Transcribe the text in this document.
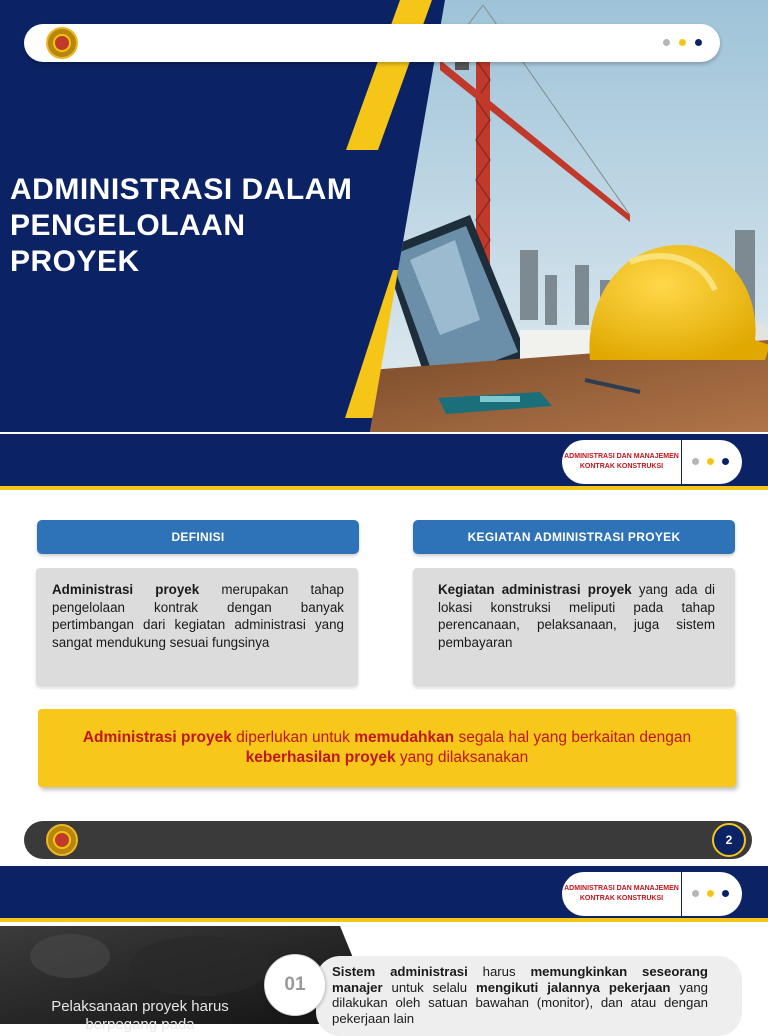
ADMINISTRASI DALAM
PENGELOLAAN
PROYEK
ADMINISTRASI DAN MANAJEMEN
KONTRAK KONSTRUKSI
DEFINISI	KEGIATAN ADMINISTRASI PROYEK
Administrasi proyek merupakan tahap pengelolaan kontrak dengan banyak pertimbangan dari kegiatan administrasi yang sangat mendukung sesuai fungsinya
Kegiatan administrasi proyek yang ada di lokasi konstruksi meliputi pada tahap perencanaan, pelaksanaan, juga sistem pembayaran

Administrasi proyek diperlukan untuk memudahkan segala hal yang berkaitan dengan keberhasilan proyek yang dilaksanakan

2
ADMINISTRASI DAN MANAJEMEN
KONTRAK KONSTRUKSI

Pelaksanaan proyek harus berpegang pada

01

Sistem administrasi harus memungkinkan seseorang manajer untuk selalu mengikuti jalannya pekerjaan yang dilakukan oleh satuan bawahan (monitor), dan atau dengan pekerjaan lain
